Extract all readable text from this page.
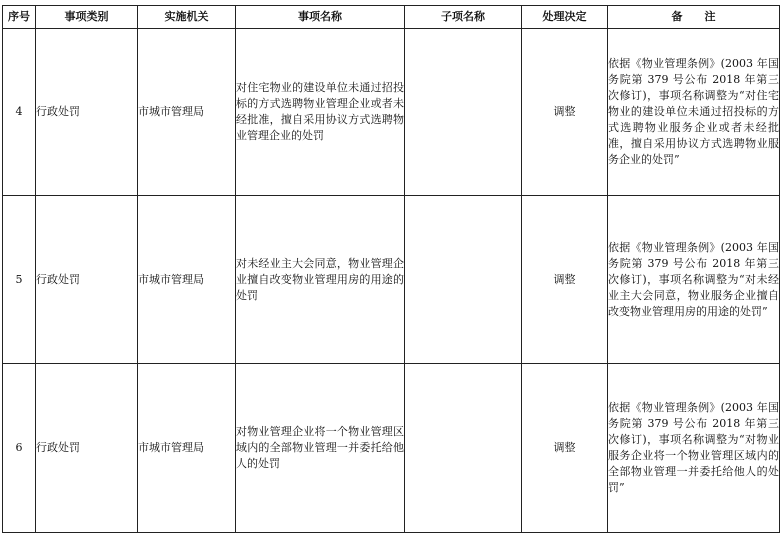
序号	事项类别	实施机关	事项名称	子项名称	处理决定	备　　注
4	行政处罚	市城市管理局	对住宅物业的建设单位未通过招投标的方式选聘物业管理企业或者未经批准，擅自采用协议方式选聘物业管理企业的处罚		调整	依据《物业管理条例》(2003 年国务院第 379 号公布 2018 年第三次修订)，事项名称调整为“对住宅物业的建设单位未通过招投标的方式选聘物业服务企业或者未经批准，擅自采用协议方式选聘物业服务企业的处罚”
5	行政处罚	市城市管理局	对未经业主大会同意，物业管理企业擅自改变物业管理用房的用途的处罚		调整	依据《物业管理条例》(2003 年国务院第 379 号公布 2018 年第三次修订)，事项名称调整为“对未经业主大会同意，物业服务企业擅自改变物业管理用房的用途的处罚”
6	行政处罚	市城市管理局	对物业管理企业将一个物业管理区域内的全部物业管理一并委托给他人的处罚		调整	依据《物业管理条例》(2003 年国务院第 379 号公布 2018 年第三次修订)，事项名称调整为“对物业服务企业将一个物业管理区域内的全部物业管理一并委托给他人的处罚”
